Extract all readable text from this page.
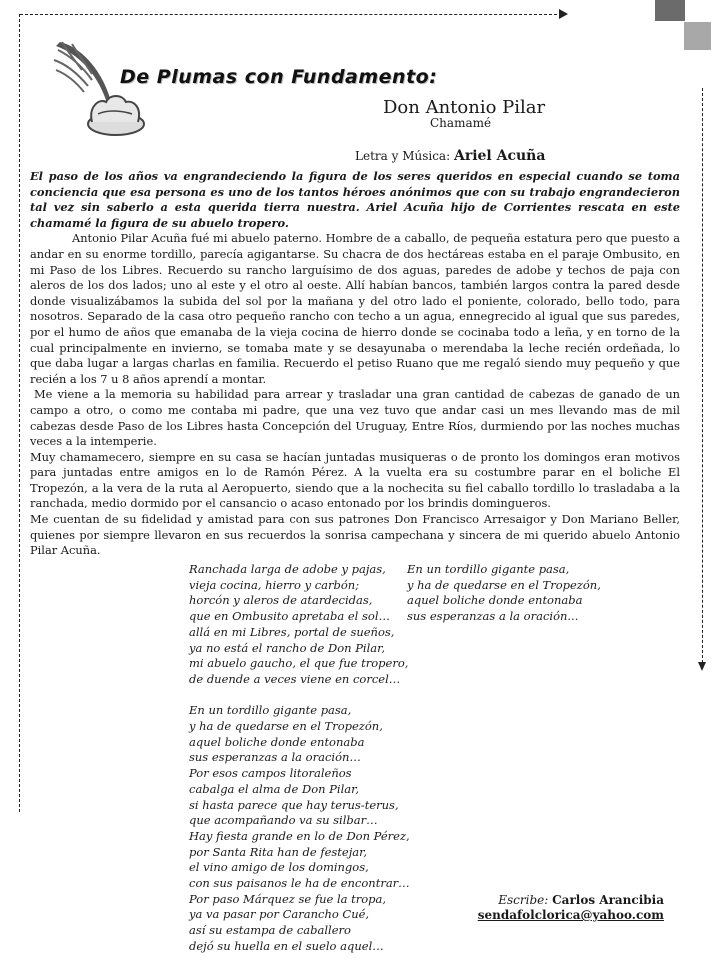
De Plumas con Fundamento:
Don Antonio Pilar
Chamamé
Letra y Música: Ariel Acuña

El paso de los años va engrandeciendo la figura de los seres queridos en especial cuando se toma conciencia que esa persona es uno de los tantos héroes anónimos que con su trabajo engrandecieron tal vez sin saberlo a esta querida tierra nuestra. Ariel Acuña hijo de Corrientes rescata en este chamamé la figura de su abuelo tropero.

Antonio Pilar Acuña fué mi abuelo paterno. Hombre de a caballo, de pequeña estatura pero que puesto a andar en su enorme tordillo, parecía agigantarse. Su chacra de dos hectáreas estaba en el paraje Ombusito, en mi Paso de los Libres. Recuerdo su rancho larguísimo de dos aguas, paredes de adobe y techos de paja con aleros de los dos lados; uno al este y el otro al oeste. Allí habían bancos, también largos contra la pared desde donde visualizábamos la subida del sol por la mañana y del otro lado el poniente, colorado, bello todo, para nosotros. Separado de la casa otro pequeño rancho con techo a un agua, ennegrecido al igual que sus paredes, por el humo de años que emanaba de la vieja cocina de hierro donde se cocinaba todo a leña, y en torno de la cual principalmente en invierno, se tomaba mate y se desayunaba o merendaba la leche recién ordeñada, lo que daba lugar a largas charlas en familia. Recuerdo el petiso Ruano que me regaló siendo muy pequeño y que recién a los 7 u 8 años aprendí a montar.

Me viene a la memoria su habilidad para arrear y trasladar una gran cantidad de cabezas de ganado de un campo a otro, o como me contaba mi padre, que una vez tuvo que andar casi un mes llevando mas de mil cabezas desde Paso de los Libres hasta Concepción del Uruguay, Entre Ríos, durmiendo por las noches muchas veces a la intemperie.

Muy chamamecero, siempre en su casa se hacían juntadas musiqueras o de pronto los domingos eran motivos para juntadas entre amigos en lo de Ramón Pérez. A la vuelta era su costumbre parar en el boliche El Tropezón, a la vera de la ruta al Aeropuerto, siendo que a la nochecita su fiel caballo tordillo lo trasladaba a la ranchada, medio dormido por el cansancio o acaso entonado por los brindis domingueros.

Me cuentan de su fidelidad y amistad para con sus patrones Don Francisco Arresaigor y Don Mariano Beller, quienes por siempre llevaron en sus recuerdos la sonrisa campechana y sincera de mi querido abuelo Antonio Pilar Acuña.

Ranchada larga de adobe y pajas,
vieja cocina, hierro y carbón;
horcón y aleros de atardecidas,
que en Ombusito apretaba el sol…
allá en mi Libres, portal de sueños,
ya no está el rancho de Don Pilar,
mi abuelo gaucho, el que fue tropero,
de duende a veces viene en corcel…

En un tordillo gigante pasa,
y ha de quedarse en el Tropezón,
aquel boliche donde entonaba
sus esperanzas a la oración…
Por esos campos litoraleños
cabalga el alma de Don Pilar,
si hasta parece que hay terus-terus,
que acompañando va su silbar…
Hay fiesta grande en lo de Don Pérez,
por Santa Rita han de festejar,
el vino amigo de los domingos,
con sus paisanos le ha de encontrar…
Por paso Márquez se fue la tropa,
ya va pasar por Carancho Cué,
así su estampa de caballero
dejó su huella en el suelo aquel…
En un tordillo gigante pasa,
y ha de quedarse en el Tropezón,
aquel boliche donde entonaba
sus esperanzas a la oración...
Escribe: Carlos Arancibia
sendafolclorica@yahoo.com
